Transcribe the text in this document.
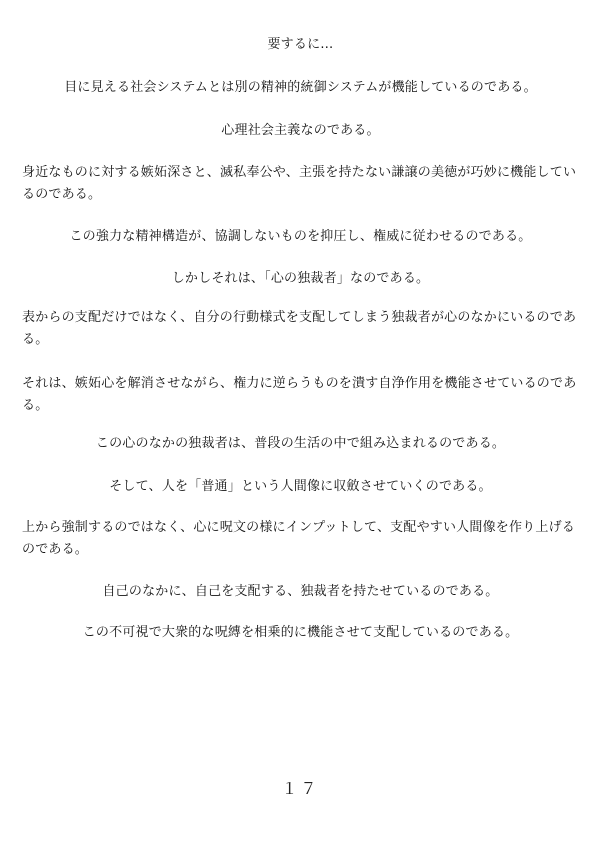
要するに…

目に見える社会システムとは別の精神的統御システムが機能しているのである。

心理社会主義なのである。

身近なものに対する嫉妬深さと、滅私奉公や、主張を持たない謙譲の美徳が巧妙に機能しているのである。

この強力な精神構造が、協調しないものを抑圧し、権威に従わせるのである。

しかしそれは、「心の独裁者」なのである。

表からの支配だけではなく、自分の行動様式を支配してしまう独裁者が心のなかにいるのである。

それは、嫉妬心を解消させながら、権力に逆らうものを潰す自浄作用を機能させているのである。

この心のなかの独裁者は、普段の生活の中で組み込まれるのである。

そして、人を「普通」という人間像に収斂させていくのである。

上から強制するのではなく、心に呪文の様にインプットして、支配やすい人間像を作り上げるのである。

自己のなかに、自己を支配する、独裁者を持たせているのである。

この不可視で大衆的な呪縛を相乗的に機能させて支配しているのである。

１７
